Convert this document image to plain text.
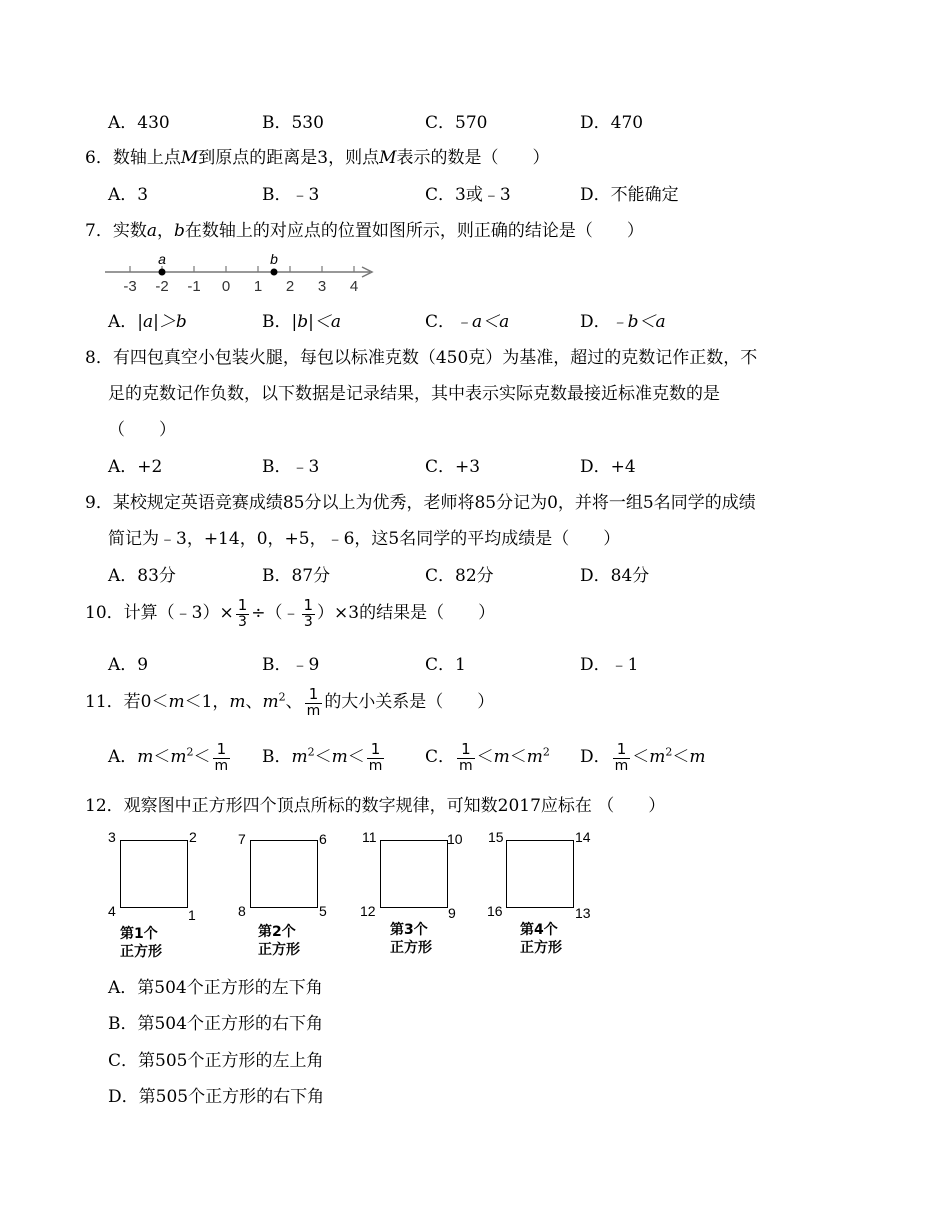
A．430	B．530	C．570	D．470
6．数轴上点M到原点的距离是3，则点M表示的数是（　　）
A．3	B．﹣3	C．3或﹣3	D．不能确定
7．实数a，b在数轴上的对应点的位置如图所示，则正确的结论是（　　）
-3 -2 -1 0 1 2 3 4
a	b
A．|a|＞b	B．|b|＜a	C．﹣a＜a	D．﹣b＜a
8．有四包真空小包装火腿，每包以标准克数（450克）为基准，超过的克数记作正数，不
足的克数记作负数，以下数据是记录结果，其中表示实际克数最接近标准克数的是
（　　）
A．+2	B．﹣3	C．+3	D．+4
9．某校规定英语竞赛成绩85分以上为优秀，老师将85分记为0，并将一组5名同学的成绩
简记为﹣3，+14，0，+5，﹣6，这5名同学的平均成绩是（　　）
A．83分	B．87分	C．82分	D．84分
10．计算（﹣3）× $\frac{1}{3}$ ÷（﹣ $\frac{1}{3} )\times 3$的结果是（　　）
A．9	B．﹣9	C．1	D．﹣1
11．若0＜m＜1，m、$m^2$、 $\frac{1}{m}$ 的大小关系是（　　）
A．$m<m^2< \frac{1}{m}$ B．$m^2<m< \frac{1}{m}$ C． $\frac{1}{m} <m<m^2$ D． $\frac{1}{m} <m^2<m$
12．观察图中正方形四个顶点所标的数字规律，可知数2017应标在 （　　）
3	2
4	1
第1个
正方形
7	6
8	5
第2个
正方形
11	10
12	9
第3个
正方形
15	14
16	13
第4个
正方形
A．第504个正方形的左下角
B．第504个正方形的右下角
C．第505个正方形的左上角
D．第505个正方形的右下角
